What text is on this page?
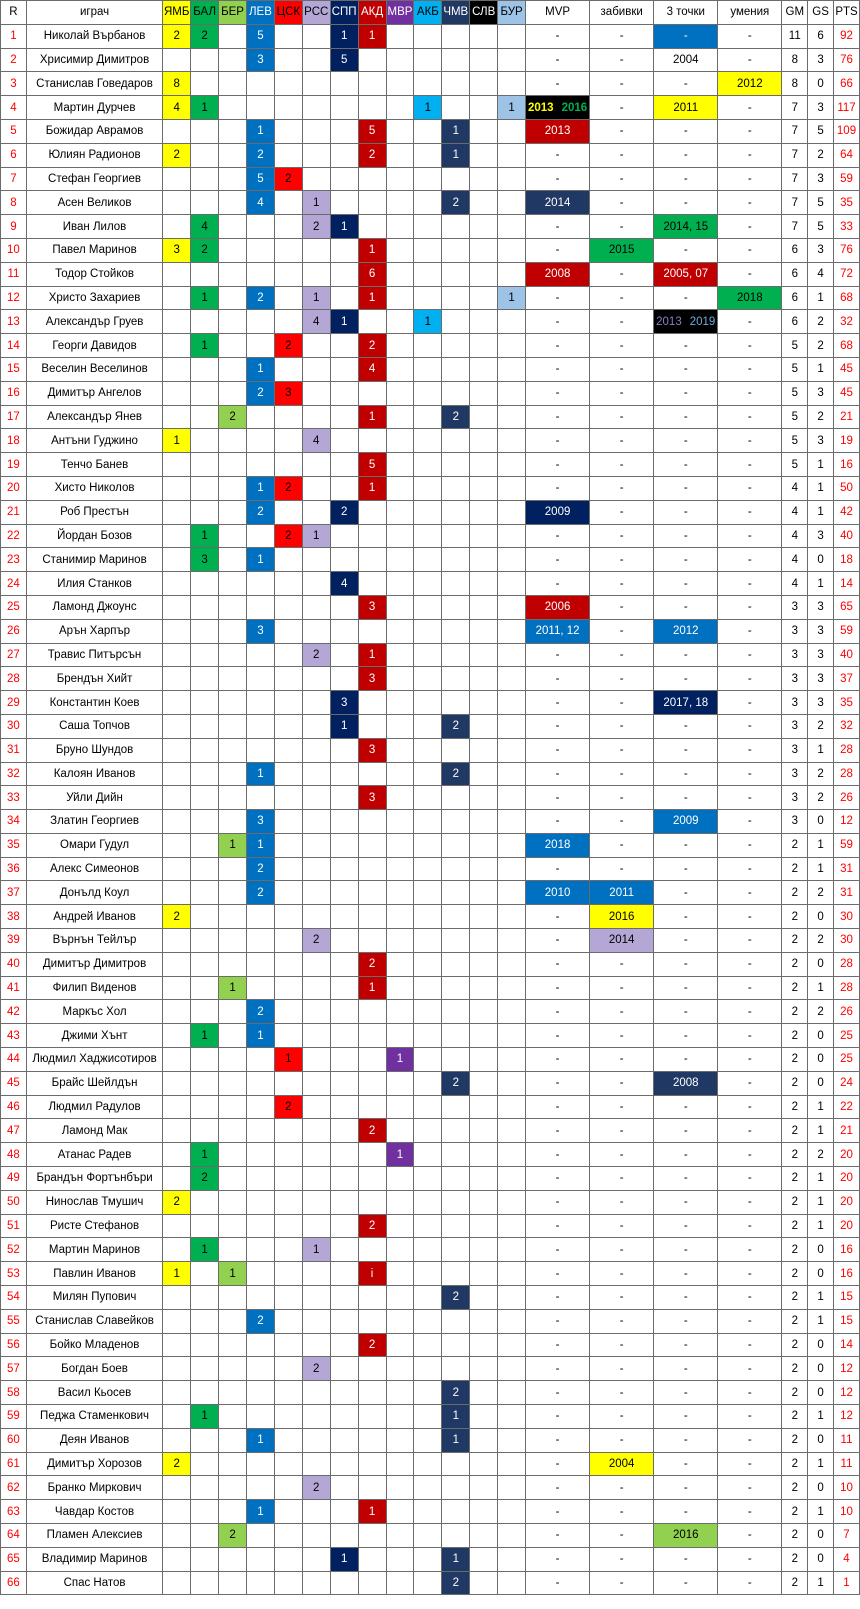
R	играч	ЯМБ	БАЛ	БЕР	ЛЕВ	ЦСК	РСС	СПП	АКД	МВР	АКБ	ЧМВ	СЛВ	БУР	MVP	забивки	3 точки	умения	GM	GS	PTS
1	Николай Върбанов	2	2		5			1	1						-	-	-	-	11	6	92
2	Хрисимир Димитров				3			5							-	-	2004	-	8	3	76
3	Станислав Говедаров	8													-	-	-	2012	8	0	66
4	Мартин Дурчев	4	1								1			1	2013 2016	-	2011	-	7	3	117
5	Божидар Аврамов				1				5			1			2013	-	-	-	7	5	109
6	Юлиян Радионов	2			2				2			1			-	-	-	-	7	2	64
7	Стефан Георгиев				5	2									-	-	-	-	7	3	59
8	Асен Великов				4		1					2			2014	-	-	-	7	5	35
9	Иван Лилов		4				2	1							-	-	2014, 15	-	7	5	33
10	Павел Маринов	3	2						1						-	2015	-	-	6	3	76
11	Тодор Стойков								6						2008	-	2005, 07	-	6	4	72
12	Христо Захариев		1		2		1		1					1	-	-	-	2018	6	1	68
13	Александър Груев						4	1			1				-	-	2013 2019	-	6	2	32
14	Георги Давидов		1			2			2						-	-	-	-	5	2	68
15	Веселин Веселинов				1				4						-	-	-	-	5	1	45
16	Димитър Ангелов				2	3									-	-	-	-	5	3	45
17	Александър Янев			2					1			2			-	-	-	-	5	2	21
18	Антъни Гуджино	1					4								-	-	-	-	5	3	19
19	Тенчо Банев								5						-	-	-	-	5	1	16
20	Хисто Николов				1	2			1						-	-	-	-	4	1	50
21	Роб Престън				2			2							2009	-	-	-	4	1	42
22	Йордан Бозов		1			2	1								-	-	-	-	4	3	40
23	Станимир Маринов		3		1										-	-	-	-	4	0	18
24	Илия Станков							4							-	-	-	-	4	1	14
25	Ламонд Джоунс								3						2006	-	-	-	3	3	65
26	Арън Харпър				3										2011, 12	-	2012	-	3	3	59
27	Травис Питърсън						2		1						-	-	-	-	3	3	40
28	Брендън Хийт								3						-	-	-	-	3	3	37
29	Константин Коев							3							-	-	2017, 18	-	3	3	35
30	Саша Топчов							1				2			-	-	-	-	3	2	32
31	Бруно Шундов								3						-	-	-	-	3	1	28
32	Калоян Иванов				1							2			-	-	-	-	3	2	28
33	Уйли Дийн								3						-	-	-	-	3	2	26
34	Златин Георгиев				3										-	-	2009	-	3	0	12
35	Омари Гудул			1	1										2018	-	-	-	2	1	59
36	Алекс Симеонов				2										-	-	-	-	2	1	31
37	Донълд Коул				2										2010	2011	-	-	2	2	31
38	Андрей Иванов	2													-	2016	-	-	2	0	30
39	Върнън Тейлър						2								-	2014	-	-	2	2	30
40	Димитър Димитров								2						-	-	-	-	2	0	28
41	Филип Виденов			1					1						-	-	-	-	2	1	28
42	Маркъс Хол				2										-	-	-	-	2	2	26
43	Джими Хънт		1		1										-	-	-	-	2	0	25
44	Людмил Хаджисотиров					1				1					-	-	-	-	2	0	25
45	Брайс Шейлдън											2			-	-	2008	-	2	0	24
46	Людмил Радулов					2									-	-	-	-	2	1	22
47	Ламонд Мак								2						-	-	-	-	2	1	21
48	Атанас Радев		1							1					-	-	-	-	2	2	20
49	Брандън Фортънбъри		2												-	-	-	-	2	1	20
50	Нинослав Тмушич	2													-	-	-	-	2	1	20
51	Ристе Стефанов								2						-	-	-	-	2	1	20
52	Мартин Маринов		1				1								-	-	-	-	2	0	16
53	Павлин Иванов	1		1					i						-	-	-	-	2	0	16
54	Милян Пупович											2			-	-	-	-	2	1	15
55	Станислав Славейков				2										-	-	-	-	2	1	15
56	Бойко Младенов								2						-	-	-	-	2	0	14
57	Богдан Боев						2								-	-	-	-	2	0	12
58	Васил Кьосев											2			-	-	-	-	2	0	12
59	Педжа Стаменкович		1									1			-	-	-	-	2	1	12
60	Деян Иванов				1							1			-	-	-	-	2	0	11
61	Димитър Хорозов	2													-	2004	-	-	2	1	11
62	Бранко Миркович						2								-	-	-	-	2	0	10
63	Чавдар Костов				1				1						-	-	-	-	2	1	10
64	Пламен Алексиев			2											-	-	2016	-	2	0	7
65	Владимир Маринов							1				1			-	-	-	-	2	0	4
66	Спас Натов											2			-	-	-	-	2	1	1
